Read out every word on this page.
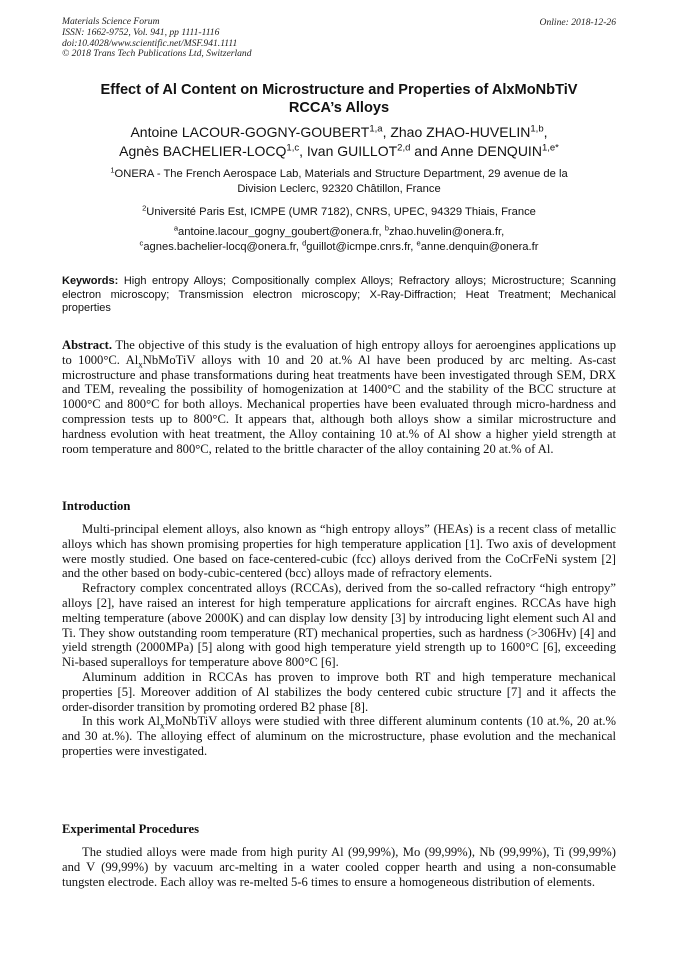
Materials Science Forum
ISSN: 1662-9752, Vol. 941, pp 1111-1116
doi:10.4028/www.scientific.net/MSF.941.1111
© 2018 Trans Tech Publications Ltd, Switzerland
Online: 2018-12-26
Effect of Al Content on Microstructure and Properties of AlxMoNbTiV
RCCA’s Alloys
Antoine LACOUR-GOGNY-GOUBERT$^{1,a}$, Zhao ZHAO-HUVELIN$^{1,b}$,
Agnès BACHELIER-LOCQ$^{1,c}$, Ivan GUILLOT$^{2,d}$ and Anne $DENQUIN^{1,e*}$
$^1$ONERA - The French Aerospace Lab, Materials and Structure Department, 29 avenue de la
Division Leclerc, 92320 Châtillon, France
$^2$Université Paris Est, ICMPE (UMR 7182), CNRS, UPEC, 94329 Thiais, France
$^a$antoine.lacour_gogny_goubert@onera.fr, $^b$zhao.huvelin@onera.fr,
$^c$agnes.bachelier-locq@onera.fr, $^d$guillot@icmpe.cnrs.fr, $^e$anne.denquin@onera.fr
Keywords: High entropy Alloys; Compositionally complex Alloys; Refractory alloys; Microstructure; Scanning electron microscopy; Transmission electron microscopy; X-Ray-Diffraction; Heat Treatment; Mechanical properties

Abstract. The objective of this study is the evaluation of high entropy alloys for aeroengines applications up to 1000°C. $Al_xNbMoTiV$ alloys with 10 and 20 at.% Al have been produced by arc melting. As-cast microstructure and phase transformations during heat treatments have been investigated through SEM, DRX and TEM, revealing the possibility of homogenization at 1400°C and the stability of the BCC structure at 1000°C and 800°C for both alloys. Mechanical properties have been evaluated through micro-hardness and compression tests up to 800°C. It appears that, although both alloys show a similar microstructure and hardness evolution with heat treatment, the Alloy containing 10 at.% of Al show a higher yield strength at room temperature and 800°C, related to the brittle character of the alloy containing 20 at.% of Al.

Introduction

Multi-principal element alloys, also known as “high entropy alloys” (HEAs) is a recent class of metallic alloys which has shown promising properties for high temperature application [1]. Two axis of development were mostly studied. One based on face-centered-cubic (fcc) alloys derived from the CoCrFeNi system [2] and the other based on body-cubic-centered (bcc) alloys made of refractory elements.

Refractory complex concentrated alloys (RCCAs), derived from the so-called refractory “high entropy” alloys [2], have raised an interest for high temperature applications for aircraft engines. RCCAs have high melting temperature (above 2000K) and can display low density [3] by introducing light element such Al and Ti. They show outstanding room temperature (RT) mechanical properties, such as hardness (>306Hv) [4] and yield strength (2000MPa) [5] along with good high temperature yield strength up to 1600°C [6], exceeding Ni-based superalloys for temperature above 800°C [6].

Aluminum addition in RCCAs has proven to improve both RT and high temperature mechanical properties [5]. Moreover addition of Al stabilizes the body centered cubic structure [7] and it affects the order-disorder transition by promoting ordered B2 phase [8].

In this work $Al_xMoNbTiV$ alloys were studied with three different aluminum contents (10 at.%, 20 at.% and 30 at.%). The alloying effect of aluminum on the microstructure, phase evolution and the mechanical properties were investigated.

Experimental Procedures

The studied alloys were made from high purity Al (99,99%), Mo (99,99%), Nb (99,99%), Ti (99,99%) and V (99,99%) by vacuum arc-melting in a water cooled copper hearth and using a non-consumable tungsten electrode. Each alloy was re-melted 5-6 times to ensure a homogeneous distribution of elements.
